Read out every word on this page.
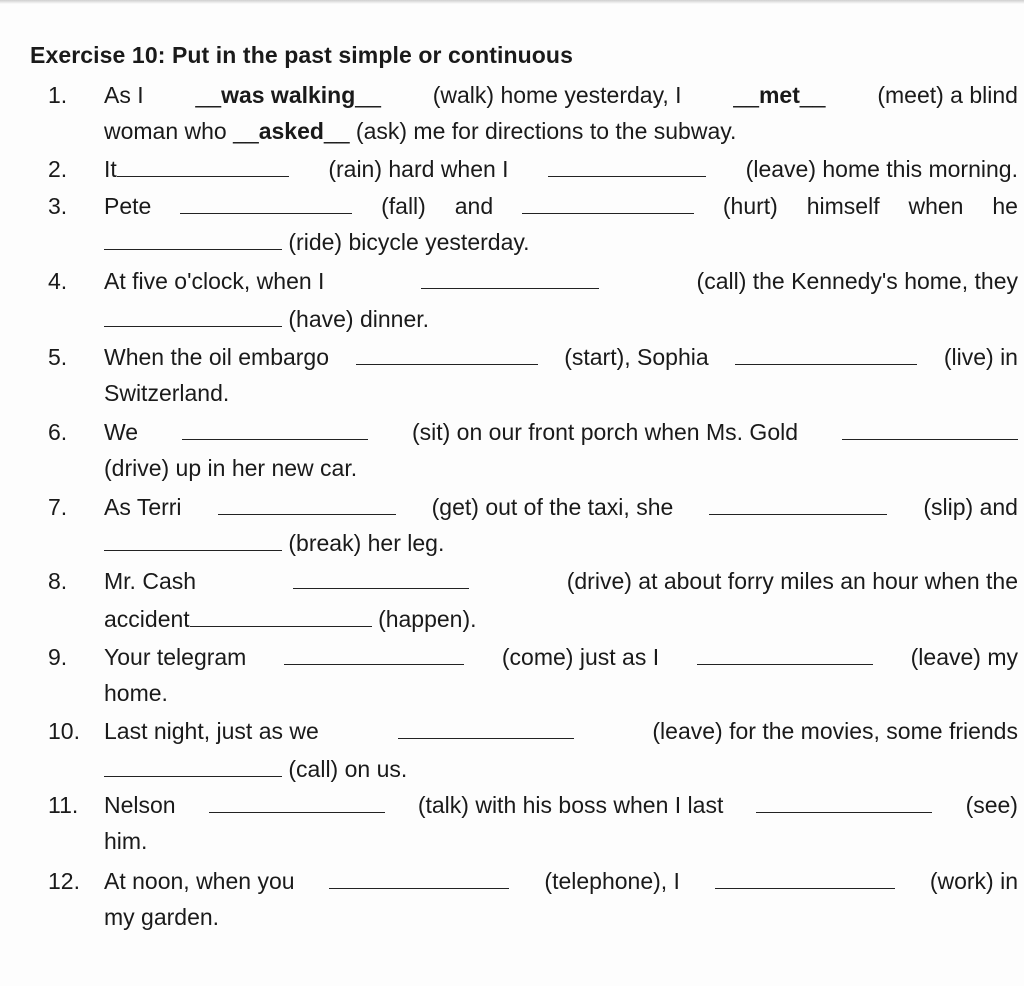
Exercise 10: Put in the past simple or continuous
1. As I __was walking__ (walk) home yesterday, I __met__ (meet) a blind
woman who __asked__ (ask) me for directions to the subway.
2. It	(rain) hard when I	(leave) home this morning.
3. Pete	(fall) and	(hurt) himself when he
(ride) bicycle yesterday.
4. At five o'clock, when I	(call) the Kennedy's home, they
(have) dinner.
5. When the oil embargo	(start), Sophia	(live) in
Switzerland.
6. We	(sit) on our front porch when Ms. Gold
(drive) up in her new car.
7. As Terri	(get) out of the taxi, she	(slip) and
(break) her leg.
8. Mr. Cash	(drive) at about forry miles an hour when the
accident	(happen).
9. Your telegram	(come) just as I	(leave) my
home.
10. Last night, just as we	(leave) for the movies, some friends
(call) on us.
11. Nelson	(talk) with his boss when I last	(see)
him.
12. At noon, when you	(telephone), I	(work) in
my garden.
